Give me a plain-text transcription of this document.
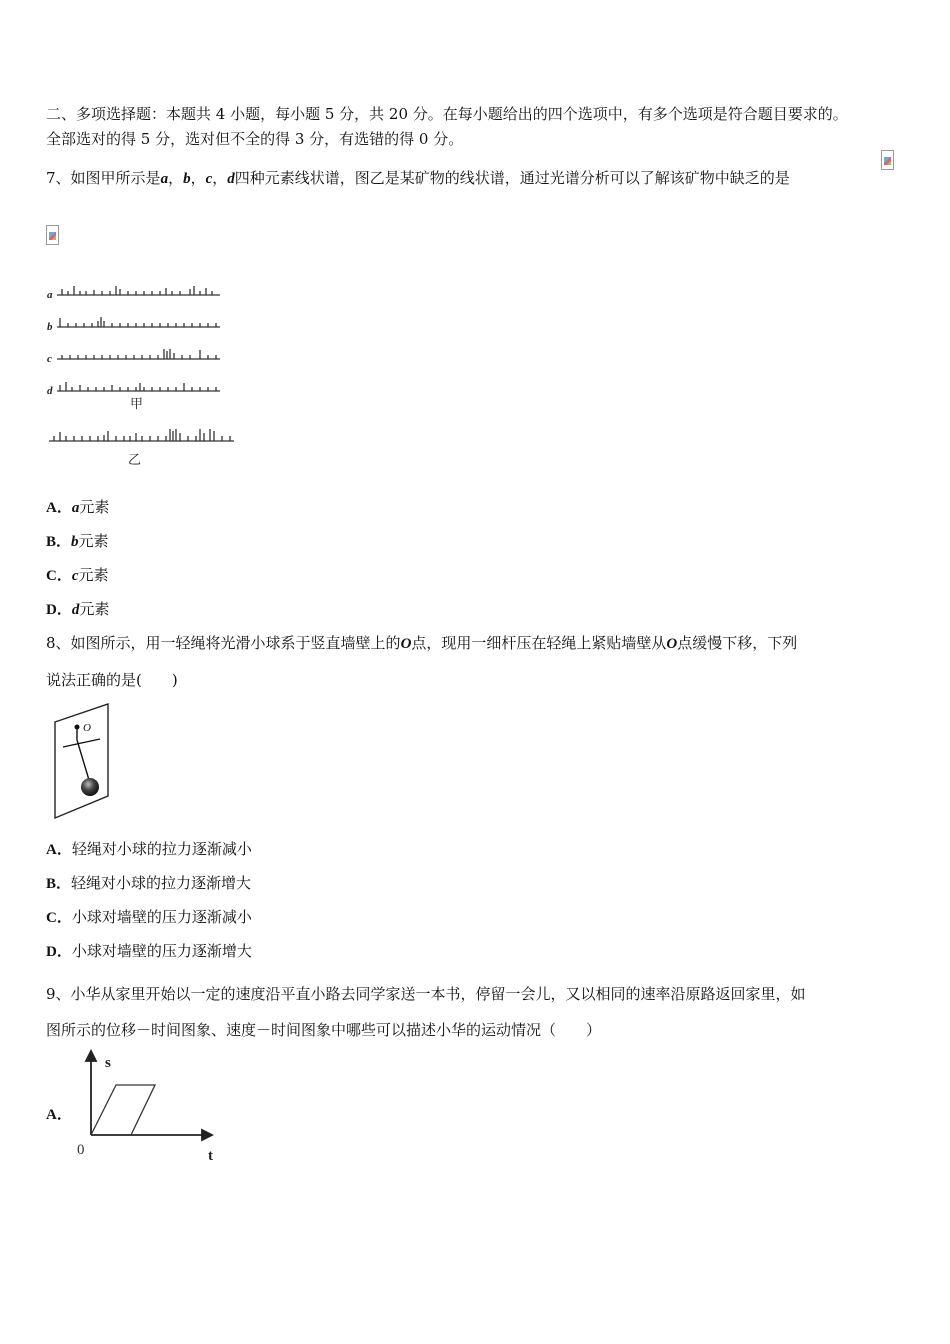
二、多项选择题：本题共 4 小题，每小题 5 分，共 20 分。在每小题给出的四个选项中，有多个选项是符合题目要求的。
全部选对的得 5 分，选对但不全的得 3 分，有选错的得 0 分。
7、如图甲所示是a，b，c，d四种元素线状谱，图乙是某矿物的线状谱，通过光谱分析可以了解该矿物中缺乏的是
a
b
c
d
甲
乙
A．a元素
B．b元素
C．c元素
D．d元素
8、如图所示，用一轻绳将光滑小球系于竖直墙壁上的O点，现用一细杆压在轻绳上紧贴墙壁从O点缓慢下移，下列
说法正确的是(　　)
O
A．轻绳对小球的拉力逐渐减小
B．轻绳对小球的拉力逐渐增大
C．小球对墙壁的压力逐渐减小
D．小球对墙壁的压力逐渐增大
9、小华从家里开始以一定的速度沿平直小路去同学家送一本书，停留一会儿，又以相同的速率沿原路返回家里，如
图所示的位移－时间图象、速度－时间图象中哪些可以描述小华的运动情况（　　）
A．
s
t
0
